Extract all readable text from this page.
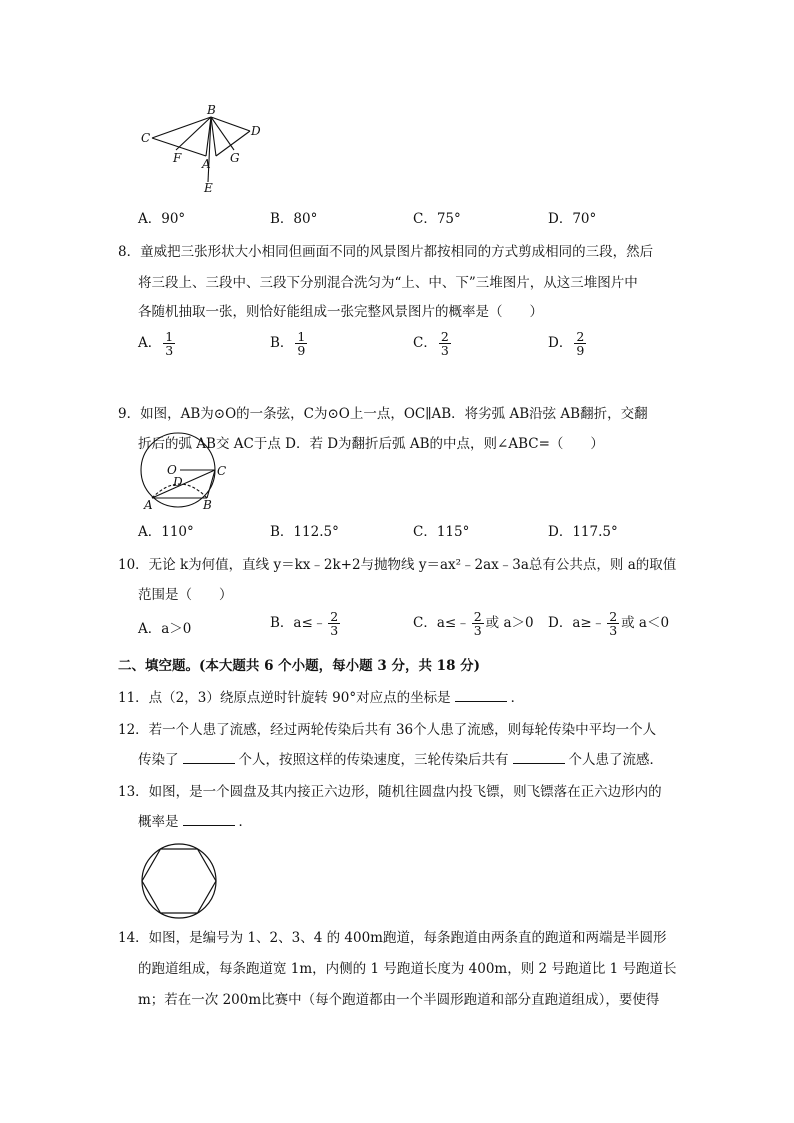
B
C	D
F A G
E
A．90°	B．80°	C．75°	D．70°
8．童威把三张形状大小相同但画面不同的风景图片都按相同的方式剪成相同的三段，然后
将三段上、三段中、三段下分别混合洗匀为“上、中、下”三堆图片，从这三堆图片中
各随机抽取一张，则恰好能组成一张完整风景图片的概率是（　　）
A． $\frac{1}{3}$	B． $\frac{1}{9}$	C． $\frac{2}{3}$	D． $\frac{2}{9}$
9．如图，AB为⊙O的一条弦，C为⊙O上一点，OC∥AB．将劣弧 AB沿弦 AB翻折，交翻
折后的弧 AB交 AC于点 D．若 D为翻折后弧 AB的中点，则∠ABC=（　　）
O	C
D
A	B
A．110°	B．112.5°	C．115°	D．117.5°
10．无论 k为何值，直线 y＝kx﹣2k+2与抛物线 y＝ax²﹣2ax﹣3a总有公共点，则 a的取值
范围是（　　）
A．a＞0	B．a≤﹣ $\frac{2}{3}$	C．a≤﹣ $\frac{2}{3}$ 或 a＞0 D．a≥﹣ $\frac{2}{3}$ 或 a＜0
二、填空题。(本大题共 6 个小题，每小题 3 分，共 18 分)
11．点（2，3）绕原点逆时针旋转 90°对应点的坐标是	．
12．若一个人患了流感，经过两轮传染后共有 36个人患了流感，则每轮传染中平均一个人
传染了	个人，按照这样的传染速度，三轮传染后共有	个人患了流感．
13．如图，是一个圆盘及其内接正六边形，随机往圆盘内投飞镖，则飞镖落在正六边形内的
概率是	．
14．如图，是编号为 1、2、3、4 的 400m跑道，每条跑道由两条直的跑道和两端是半圆形
的跑道组成，每条跑道宽 1m，内侧的 1 号跑道长度为 400m，则 2 号跑道比 1 号跑道长
m；若在一次 200m比赛中（每个跑道都由一个半圆形跑道和部分直跑道组成），要使得
